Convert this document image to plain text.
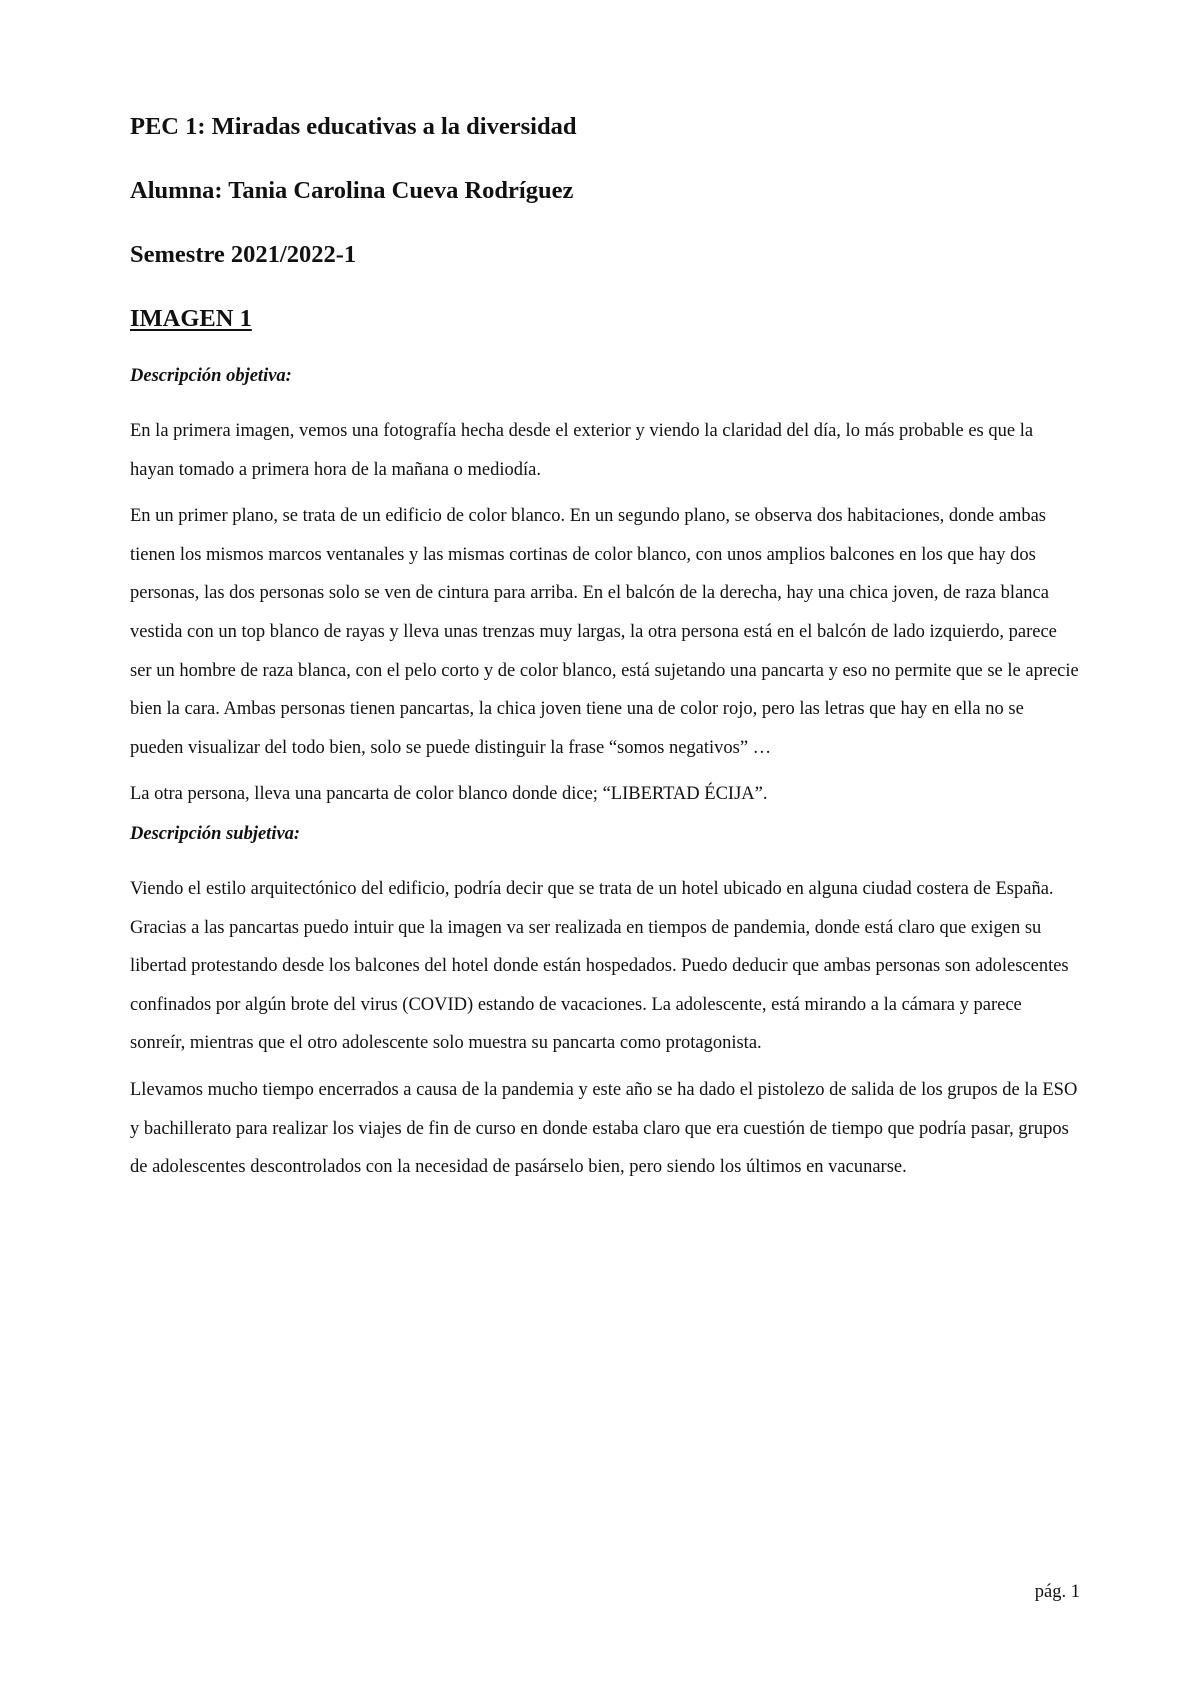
PEC 1: Miradas educativas a la diversidad
Alumna: Tania Carolina Cueva Rodríguez
Semestre 2021/2022-1
IMAGEN 1
Descripción objetiva:

En la primera imagen, vemos una fotografía hecha desde el exterior y viendo la claridad del día, lo más probable es que la hayan tomado a primera hora de la mañana o mediodía.

En un primer plano, se trata de un edificio de color blanco. En un segundo plano, se observa dos habitaciones, donde ambas tienen los mismos marcos ventanales y las mismas cortinas de color blanco, con unos amplios balcones en los que hay dos personas, las dos personas solo se ven de cintura para arriba. En el balcón de la derecha, hay una chica joven, de raza blanca vestida con un top blanco de rayas y lleva unas trenzas muy largas, la otra persona está en el balcón de lado izquierdo, parece ser un hombre de raza blanca, con el pelo corto y de color blanco, está sujetando una pancarta y eso no permite que se le aprecie bien la cara. Ambas personas tienen pancartas, la chica joven tiene una de color rojo, pero las letras que hay en ella no se pueden visualizar del todo bien, solo se puede distinguir la frase “somos negativos” …

La otra persona, lleva una pancarta de color blanco donde dice; “LIBERTAD ÉCIJA”.

Descripción subjetiva:

Viendo el estilo arquitectónico del edificio, podría decir que se trata de un hotel ubicado en alguna ciudad costera de España. Gracias a las pancartas puedo intuir que la imagen va ser realizada en tiempos de pandemia, donde está claro que exigen su libertad protestando desde los balcones del hotel donde están hospedados. Puedo deducir que ambas personas son adolescentes confinados por algún brote del virus (COVID) estando de vacaciones. La adolescente, está mirando a la cámara y parece sonreír, mientras que el otro adolescente solo muestra su pancarta como protagonista.

Llevamos mucho tiempo encerrados a causa de la pandemia y este año se ha dado el pistolezo de salida de los grupos de la ESO y bachillerato para realizar los viajes de fin de curso en donde estaba claro que era cuestión de tiempo que podría pasar, grupos de adolescentes descontrolados con la necesidad de pasárselo bien, pero siendo los últimos en vacunarse.

pág. 1
